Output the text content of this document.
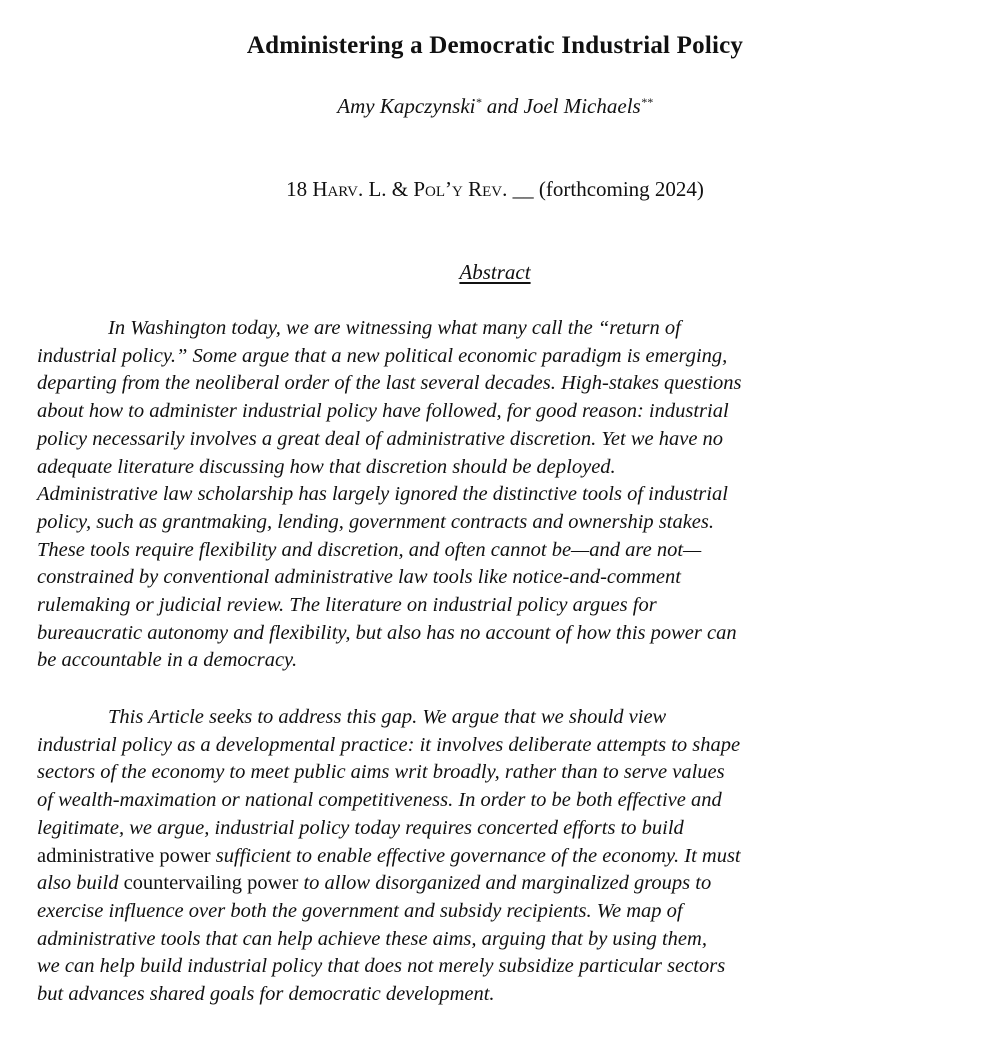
Administering a Democratic Industrial Policy
Amy Kapczynski* and Joel Michaels**
18 Harv. L. & Pol’y Rev. __ (forthcoming 2024)
Abstract
In Washington today, we are witnessing what many call the “return of
industrial policy.” Some argue that a new political economic paradigm is emerging,
departing from the neoliberal order of the last several decades. High-stakes questions
about how to administer industrial policy have followed, for good reason: industrial
policy necessarily involves a great deal of administrative discretion. Yet we have no
adequate literature discussing how that discretion should be deployed.
Administrative law scholarship has largely ignored the distinctive tools of industrial
policy, such as grantmaking, lending, government contracts and ownership stakes.
These tools require flexibility and discretion, and often cannot be—and are not—
constrained by conventional administrative law tools like notice-and-comment
rulemaking or judicial review. The literature on industrial policy argues for
bureaucratic autonomy and flexibility, but also has no account of how this power can
be accountable in a democracy.
This Article seeks to address this gap. We argue that we should view
industrial policy as a developmental practice: it involves deliberate attempts to shape
sectors of the economy to meet public aims writ broadly, rather than to serve values
of wealth-maximation or national competitiveness. In order to be both effective and
legitimate, we argue, industrial policy today requires concerted efforts to build
administrative power sufficient to enable effective governance of the economy. It must
also build countervailing power to allow disorganized and marginalized groups to
exercise influence over both the government and subsidy recipients. We map of
administrative tools that can help achieve these aims, arguing that by using them,
we can help build industrial policy that does not merely subsidize particular sectors
but advances shared goals for democratic development.
